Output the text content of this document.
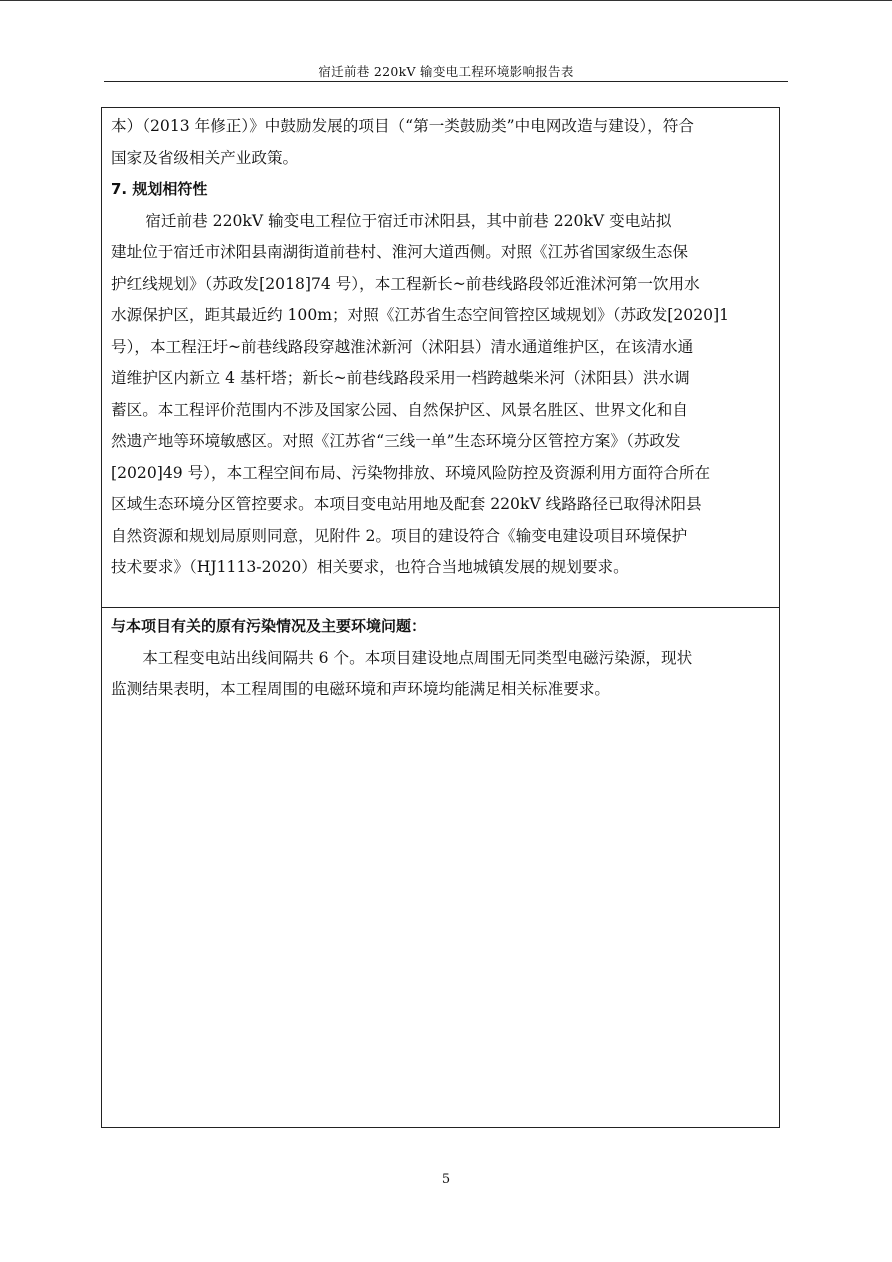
宿迁前巷 220kV 输变电工程环境影响报告表
本）（2013 年修正）》中鼓励发展的项目（“第一类鼓励类”中电网改造与建设），符合
国家及省级相关产业政策。
7. 规划相符性
宿迁前巷 220kV 输变电工程位于宿迁市沭阳县，其中前巷 220kV 变电站拟
建址位于宿迁市沭阳县南湖街道前巷村、淮河大道西侧。对照《江苏省国家级生态保
护红线规划》（苏政发[2018]74 号），本工程新长~前巷线路段邻近淮沭河第一饮用水
水源保护区，距其最近约 100m；对照《江苏省生态空间管控区域规划》（苏政发[2020]1
号），本工程汪圩~前巷线路段穿越淮沭新河（沭阳县）清水通道维护区，在该清水通
道维护区内新立 4 基杆塔；新长~前巷线路段采用一档跨越柴米河（沭阳县）洪水调
蓄区。本工程评价范围内不涉及国家公园、自然保护区、风景名胜区、世界文化和自
然遗产地等环境敏感区。对照《江苏省“三线一单”生态环境分区管控方案》（苏政发
[2020]49 号），本工程空间布局、污染物排放、环境风险防控及资源利用方面符合所在
区域生态环境分区管控要求。本项目变电站用地及配套 220kV 线路路径已取得沭阳县
自然资源和规划局原则同意，见附件 2。项目的建设符合《输变电建设项目环境保护
技术要求》（HJ1113-2020）相关要求，也符合当地城镇发展的规划要求。
与本项目有关的原有污染情况及主要环境问题：
本工程变电站出线间隔共 6 个。本项目建设地点周围无同类型电磁污染源，现状
监测结果表明，本工程周围的电磁环境和声环境均能满足相关标准要求。
5
